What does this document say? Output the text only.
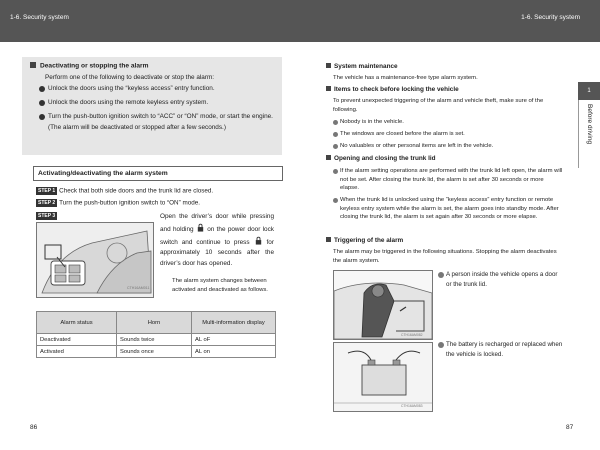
1-6. Security system	1-6. Security system
1
Before driving
Deactivating or stopping the alarm
Perform one of the following to deactivate or stop the alarm:
Unlock the doors using the “keyless access” entry function.
Unlock the doors using the remote keyless entry system.
Turn the push-button ignition switch to “ACC” or “ON” mode, or start the engine. (The alarm will be deactivated or stopped after a few seconds.)
Activating/deactivating the alarm system
STEP 1 Check that both side doors and the trunk lid are closed.
STEP 2 Turn the push-button ignition switch to “ON” mode.
STEP 3
CTH16AM011
Open the driver’s door while pressing and holding on the power door lock switch and continue to press	for approximately 10 seconds after the driver’s door has opened.
The alarm system changes between activated and deactivated as follows.
Alarm status	Horn	Multi-information display
Deactivated	Sounds twice	AL oF
Activated	Sounds once	AL on
86
System maintenance
The vehicle has a maintenance-free type alarm system.
Items to check before locking the vehicle
To prevent unexpected triggering of the alarm and vehicle theft, make sure of the following.
Nobody is in the vehicle.
The windows are closed before the alarm is set.
No valuables or other personal items are left in the vehicle.
Opening and closing the trunk lid
If the alarm setting operations are performed with the trunk lid left open, the alarm will not be set. After closing the trunk lid, the alarm is set after 30 seconds or more elapse.
When the trunk lid is unlocked using the “keyless access” entry function or remote keyless entry system while the alarm is set, the alarm goes into standby mode. After closing the trunk lid, the alarm is set again after 30 seconds or more elapse.
Triggering of the alarm
The alarm may be triggered in the following situations. Stopping the alarm deactivates the alarm system.
CTH16AM082
A person inside the vehicle opens a door or the trunk lid.
CTH16AM083
The battery is recharged or replaced when the vehicle is locked.
87
